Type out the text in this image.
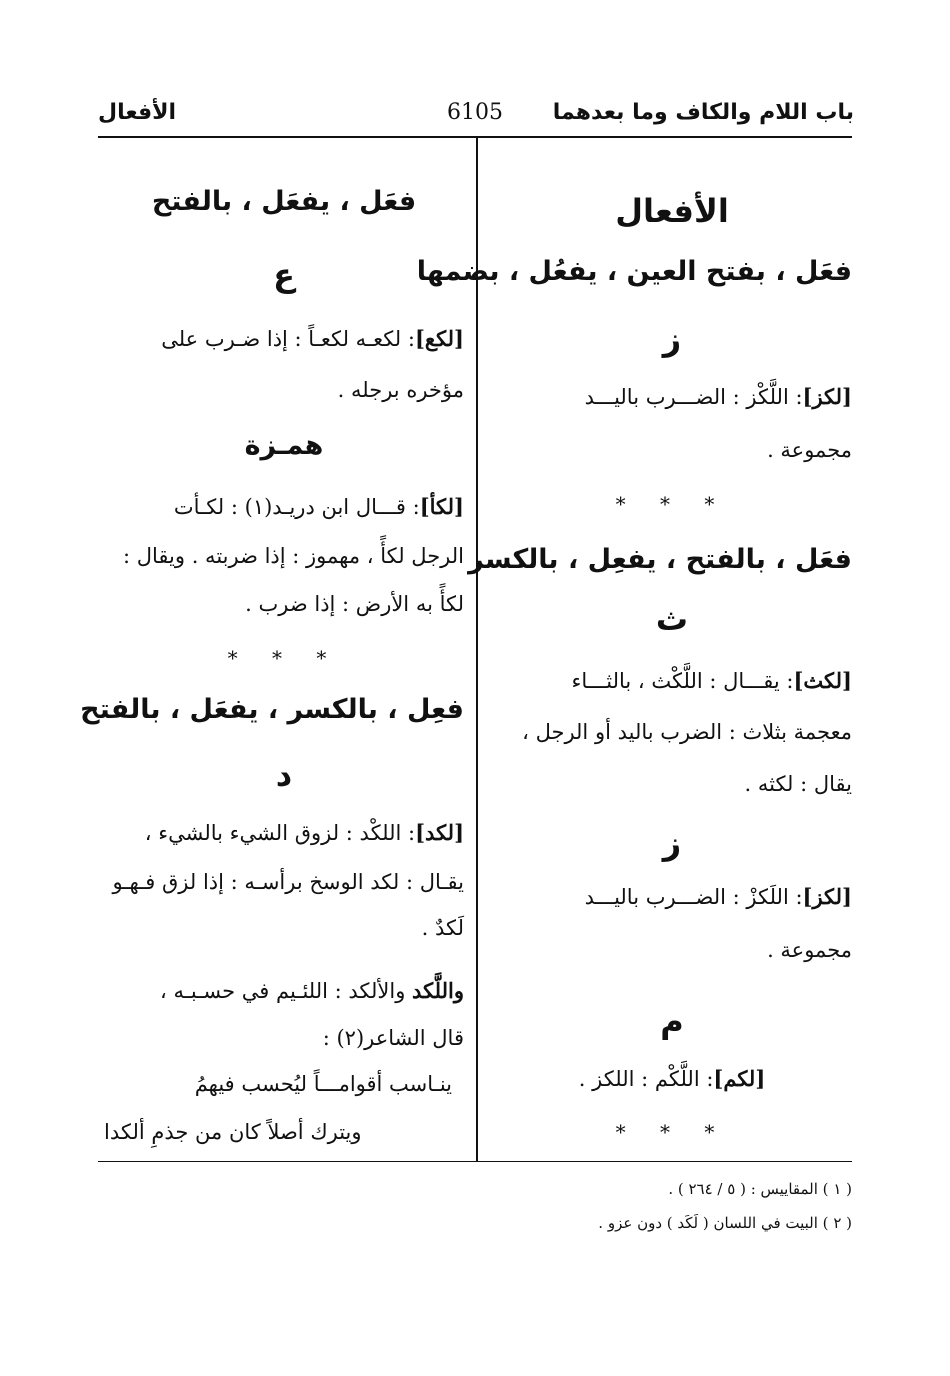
باب اللام والكاف وما بعدهما
6105
الأفعال
الأفعال
فعَل ، بفتح العين ، يفعُل ، بضمها
ز
[لكز]: اللَّكْز : الضـــرب باليـــد
مجموعة .
* * *
فعَل ، بالفتح ، يفعِل ، بالكسر
ث
[لكث]: يقـــال : اللَّكْث ، بالثـــاء
معجمة بثلاث : الضرب باليد أو الرجل ،
يقال : لكثه .
ز
[لكز]: اللَكزْ : الضـــرب باليـــد
مجموعة .
م
[لكم]: اللَّكْم : اللكز .
* * *
فعَل ، يفعَل ، بالفتح
ع
[لكع]: لكعـه لكعـاً : إذا ضـرب على
مؤخره برجله .
همـزة
[لكأ]: قـــال ابن دريـد(١) : لكـأت
الرجل لكأً ، مهموز : إذا ضربته . ويقال :
لكأً به الأرض : إذا ضرب .
* * *
فعِل ، بالكسر ، يفعَل ، بالفتح
د
[لكد]: اللكْد : لزوق الشيء بالشيء ،
يقـال : لكد الوسخ برأسـه : إذا لزق فـهـو
لَكدٌ .
واللَّكد والألكد : اللئـيم في حسـبـه ،
قال الشاعر(٢) :
ينـاسب أقوامـــاً ليُحسب فيهمُ
ويترك أصلاً كان من جذمِ ألكدا
( ١ ) المقاييس : ( ٥ / ٢٦٤ ) .
( ٢ ) البيت في اللسان ( لَكَد ) دون عزو .
